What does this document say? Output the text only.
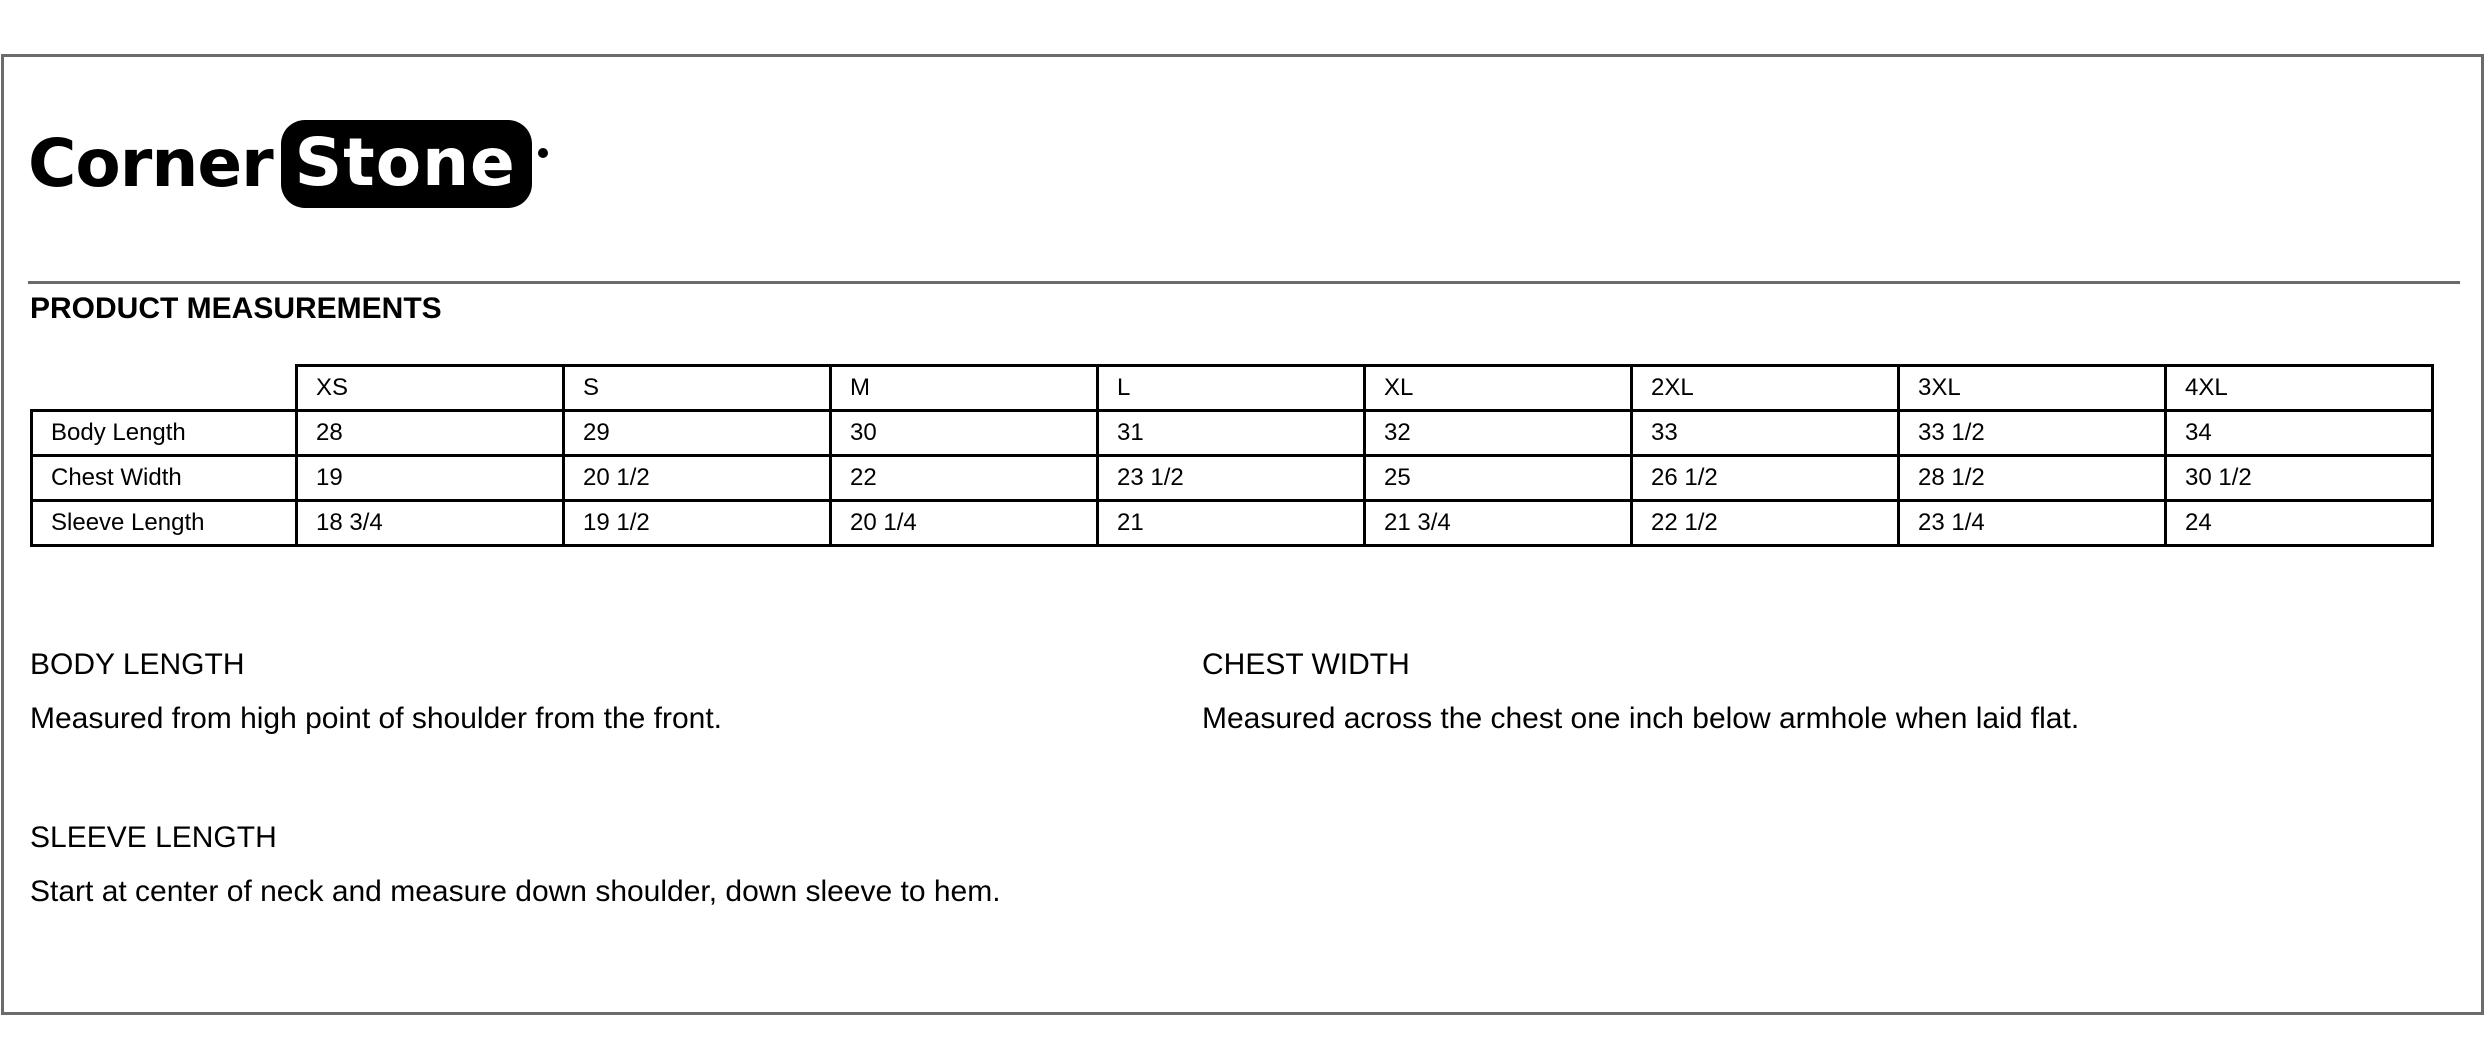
Corner Stone
PRODUCT MEASUREMENTS
	XS	S	M	L	XL	2XL	3XL	4XL
Body Length	28	29	30	31	32	33	33 1/2	34
Chest Width	19	20 1/2	22	23 1/2	25	26 1/2	28 1/2	30 1/2
Sleeve Length	18 3/4	19 1/2	20 1/4	21	21 3/4	22 1/2	23 1/4	24
BODY LENGTH
Measured from high point of shoulder from the front.
CHEST WIDTH
Measured across the chest one inch below armhole when laid flat.
SLEEVE LENGTH
Start at center of neck and measure down shoulder, down sleeve to hem.
